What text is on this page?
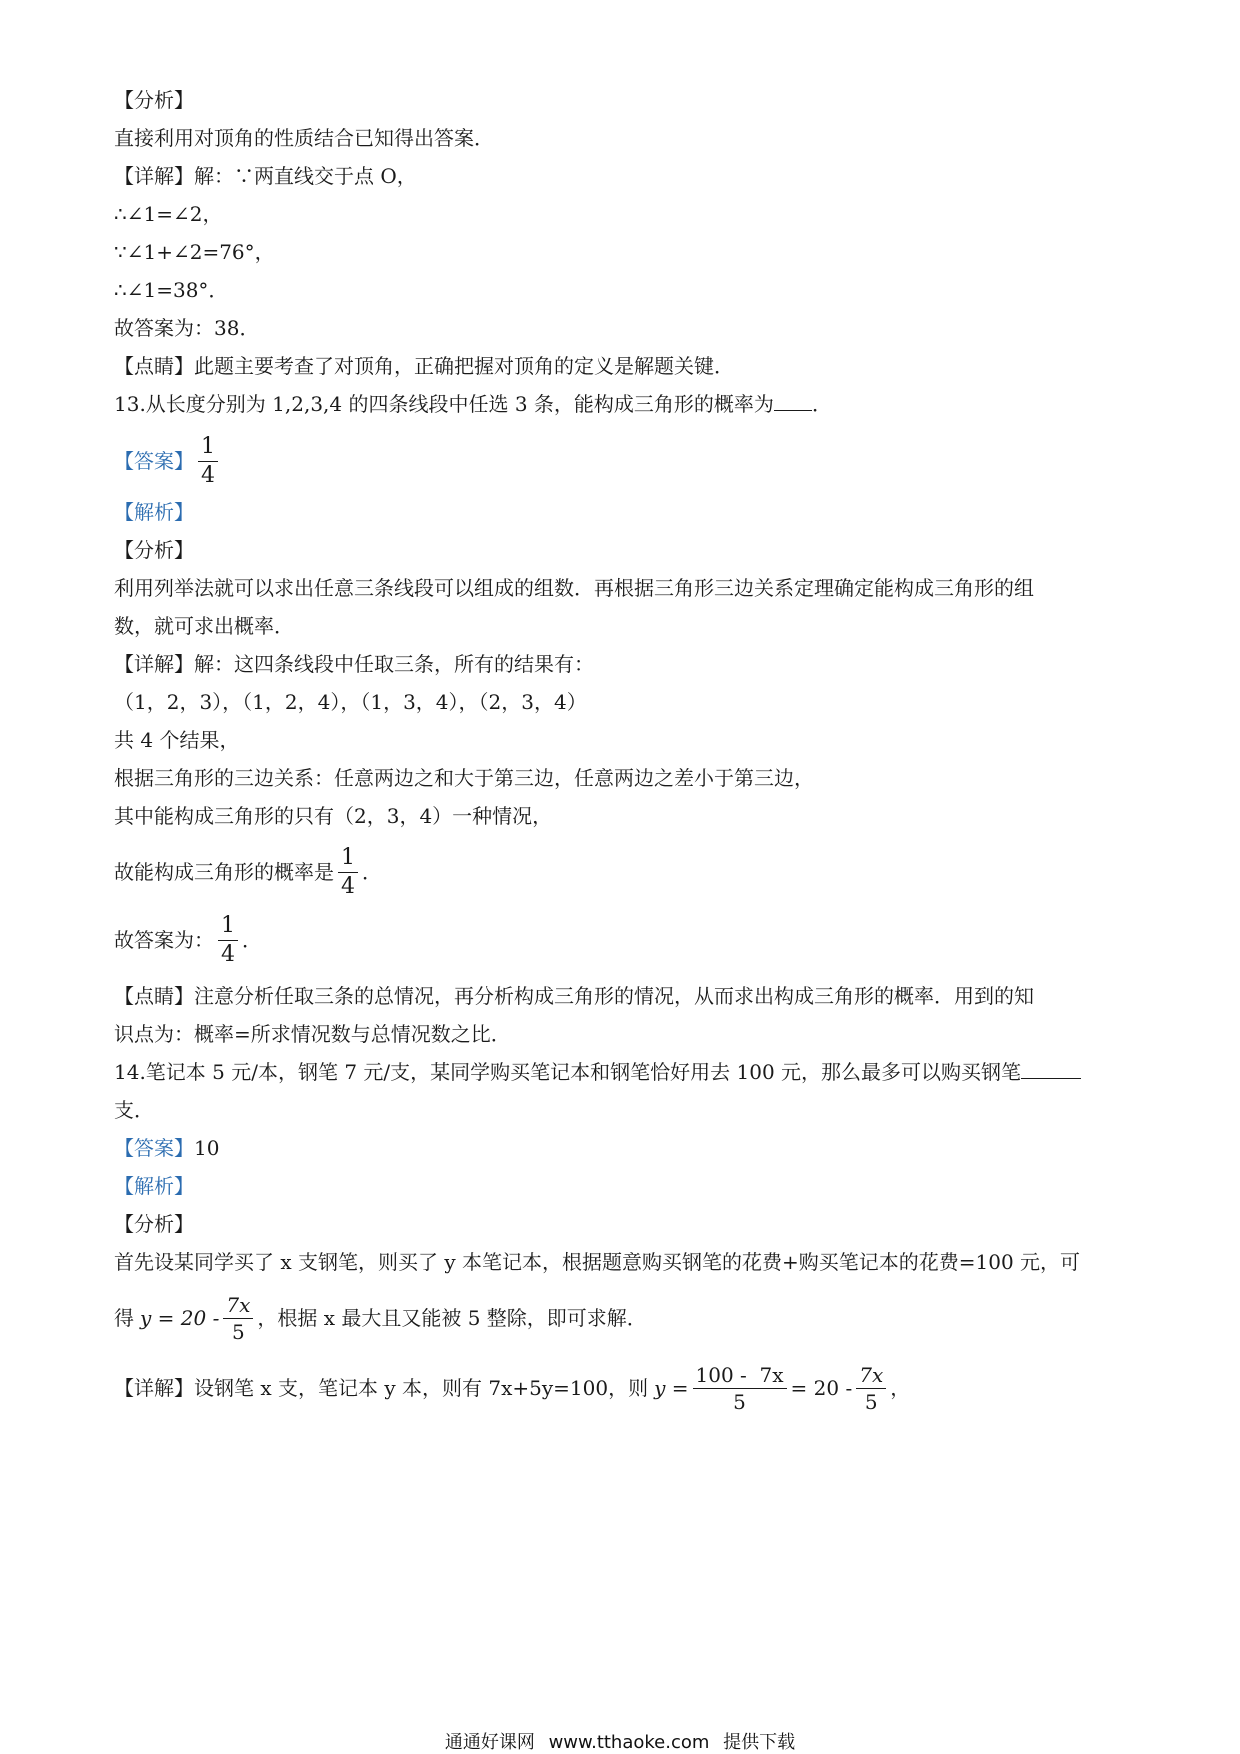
【分析】
直接利用对顶角的性质结合已知得出答案．
【详解】解：∵两直线交于点 O，
∴∠1=∠2，
∵∠1+∠2=76°，
∴∠1=38°．
故答案为：38．
【点睛】此题主要考查了对顶角，正确把握对顶角的定义是解题关键．
13.从长度分别为 1,2,3,4 的四条线段中任选 3 条，能构成三角形的概率为 ．
【答案】 $\frac{1}{4}$
【解析】
【分析】
利用列举法就可以求出任意三条线段可以组成的组数．再根据三角形三边关系定理确定能构成三角形的组
数，就可求出概率．
【详解】解：这四条线段中任取三条，所有的结果有：
（1，2，3），（1，2，4），（1，3，4），（2，3，4）
共 4 个结果，
根据三角形的三边关系：任意两边之和大于第三边，任意两边之差小于第三边，
其中能构成三角形的只有（2，3，4）一种情况，
故能构成三角形的概率是 $\frac{1}{4}$ ．
故答案为： $\frac{1}{4}$ ．
【点睛】注意分析任取三条的总情况，再分析构成三角形的情况，从而求出构成三角形的概率．用到的知
识点为：概率=所求情况数与总情况数之比．
14.笔记本 5 元/本，钢笔 7 元/支，某同学购买笔记本和钢笔恰好用去 100 元，那么最多可以购买钢笔
支．
【答案】10
【解析】
【分析】
首先设某同学买了 x 支钢笔，则买了 y 本笔记本，根据题意购买钢笔的花费+购买笔记本的花费=100 元，可
得 $y = 20 - \frac{7x}{5}$ ，根据 x 最大且又能被 5 整除，即可求解．
【详解】设钢笔 x 支，笔记本 y 本，则有 7x+5y=100，则 $y = \frac{100 - 7x}{5} = 20 - \frac{7x}{5}$ ，
通通好课网 www.tthaoke.com 提供下载
